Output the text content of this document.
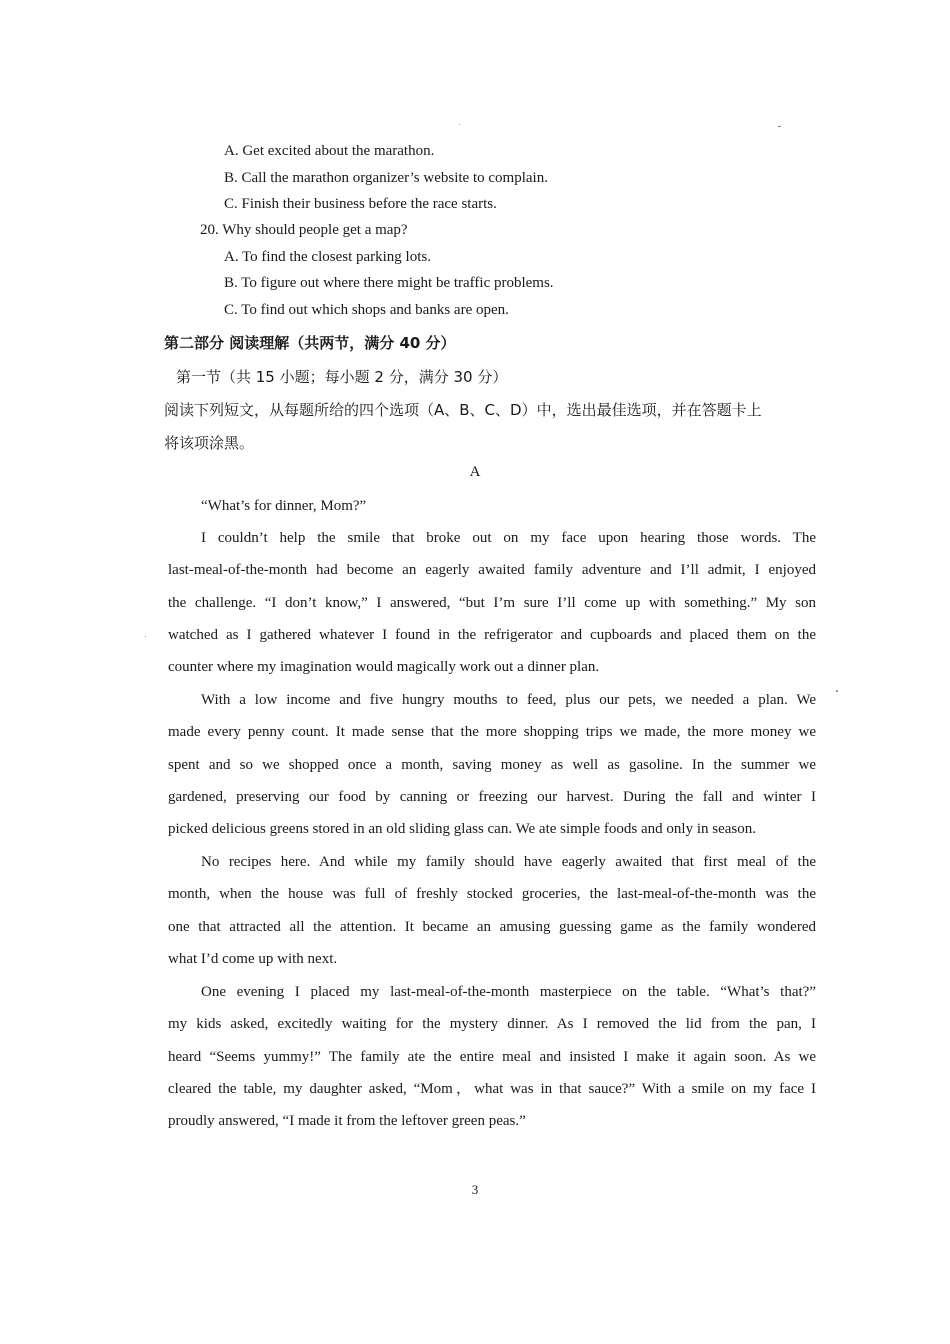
A. Get excited about the marathon.
B. Call the marathon organizer’s website to complain.
C. Finish their business before the race starts.
20. Why should people get a map?
A. To find the closest parking lots.
B. To figure out where there might be traffic problems.
C. To find out which shops and banks are open.
第二部分 阅读理解（共两节，满分 40 分）
第一节（共 15 小题；每小题 2 分，满分 30 分）
阅读下列短文，从每题所给的四个选项（A、B、C、D）中，选出最佳选项，并在答题卡上
将该项涂黑。
A
“What’s for dinner, Mom?”
I couldn’t help the smile that broke out on my face upon hearing those words. The
last-meal-of-the-month had become an eagerly awaited family adventure and I’ll admit, I enjoyed
the challenge. “I don’t know,” I answered, “but I’m sure I’ll come up with something.” My son
watched as I gathered whatever I found in the refrigerator and cupboards and placed them on the
counter where my imagination would magically work out a dinner plan.
With a low income and five hungry mouths to feed, plus our pets, we needed a plan. We
made every penny count. It made sense that the more shopping trips we made, the more money we
spent and so we shopped once a month, saving money as well as gasoline. In the summer we
gardened, preserving our food by canning or freezing our harvest. During the fall and winter I
picked delicious greens stored in an old sliding glass can. We ate simple foods and only in season.
No recipes here. And while my family should have eagerly awaited that first meal of the
month, when the house was full of freshly stocked groceries, the last-meal-of-the-month was the
one that attracted all the attention. It became an amusing guessing game as the family wondered
what I’d come up with next.
One evening I placed my last-meal-of-the-month masterpiece on the table. “What’s that?”
my kids asked, excitedly waiting for the mystery dinner. As I removed the lid from the pan, I
heard “Seems yummy!” The family ate the entire meal and insisted I make it again soon. As we
cleared the table, my daughter asked, “Mom，what was in that sauce?” With a smile on my face I
proudly answered, “I made it from the leftover green peas.”
3
